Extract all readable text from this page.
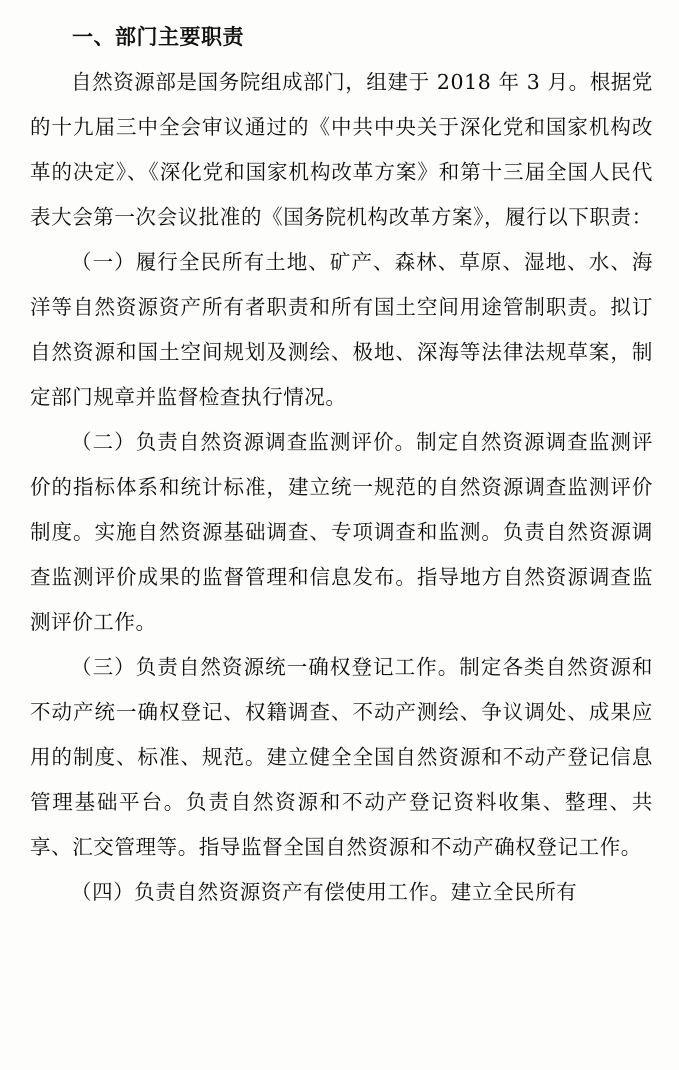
一、部门主要职责

自然资源部是国务院组成部门，组建于 2018 年 3 月。根据党的十九届三中全会审议通过的《中共中央关于深化党和国家机构改革的决定》、《深化党和国家机构改革方案》和第十三届全国人民代表大会第一次会议批准的《国务院机构改革方案》，履行以下职责：

（一）履行全民所有土地、矿产、森林、草原、湿地、水、海洋等自然资源资产所有者职责和所有国土空间用途管制职责。拟订自然资源和国土空间规划及测绘、极地、深海等法律法规草案，制定部门规章并监督检查执行情况。

（二）负责自然资源调查监测评价。制定自然资源调查监测评价的指标体系和统计标准，建立统一规范的自然资源调查监测评价制度。实施自然资源基础调查、专项调查和监测。负责自然资源调查监测评价成果的监督管理和信息发布。指导地方自然资源调查监测评价工作。

（三）负责自然资源统一确权登记工作。制定各类自然资源和不动产统一确权登记、权籍调查、不动产测绘、争议调处、成果应用的制度、标准、规范。建立健全全国自然资源和不动产登记信息管理基础平台。负责自然资源和不动产登记资料收集、整理、共享、汇交管理等。指导监督全国自然资源和不动产确权登记工作。

（四）负责自然资源资产有偿使用工作。建立全民所有
